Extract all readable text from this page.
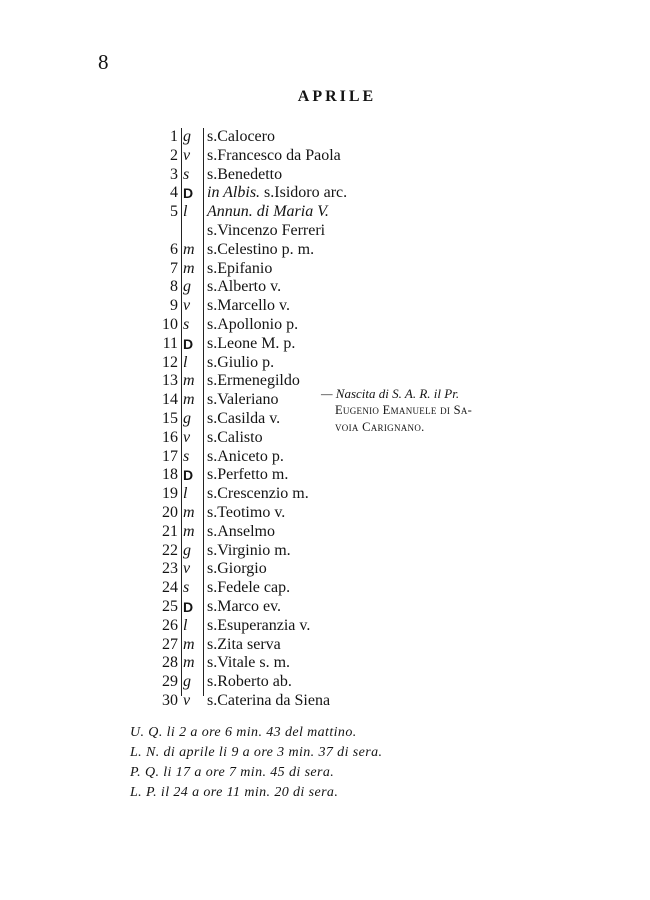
8
APRILE
1 g	s.Calocero
2 v	s.Francesco da Paola
3 s	s.Benedetto
4 D in Albis. s.Isidoro arc.
5 l	Annun. di Maria V.
s.Vincenzo Ferreri
6 m s.Celestino p. m.
7 m s.Epifanio
8 g	s.Alberto v.
9 v	s.Marcello v.
10 s	s.Apollonio p.
11 D s.Leone M. p.
12 l	s.Giulio p.
13 m s.Ermenegildo
14 m s.Valeriano
15 g	s.Casilda v.
16 v	s.Calisto
17 s	s.Aniceto p.
18 D s.Perfetto m.
19 l	s.Crescenzio m.
20 m s.Teotimo v.
21 m s.Anselmo
22 g	s.Virginio m.
23 v	s.Giorgio
24 s	s.Fedele cap.
25 D s.Marco ev.
26 l	s.Esuperanzia v.
27 m s.Zita serva
28 m s.Vitale s. m.
29 g	s.Roberto ab.
30 v	s.Caterina da Siena
— Nascita di S. A. R. il Pr.
Eugenio Emanuele di Sa-
voia Carignano.
U. Q. li 2 a ore 6 min. 43 del mattino.
L. N. di aprile li 9 a ore 3 min. 37 di sera.
P. Q. li 17 a ore 7 min. 45 di sera.
L. P. il 24 a ore 11 min. 20 di sera.
